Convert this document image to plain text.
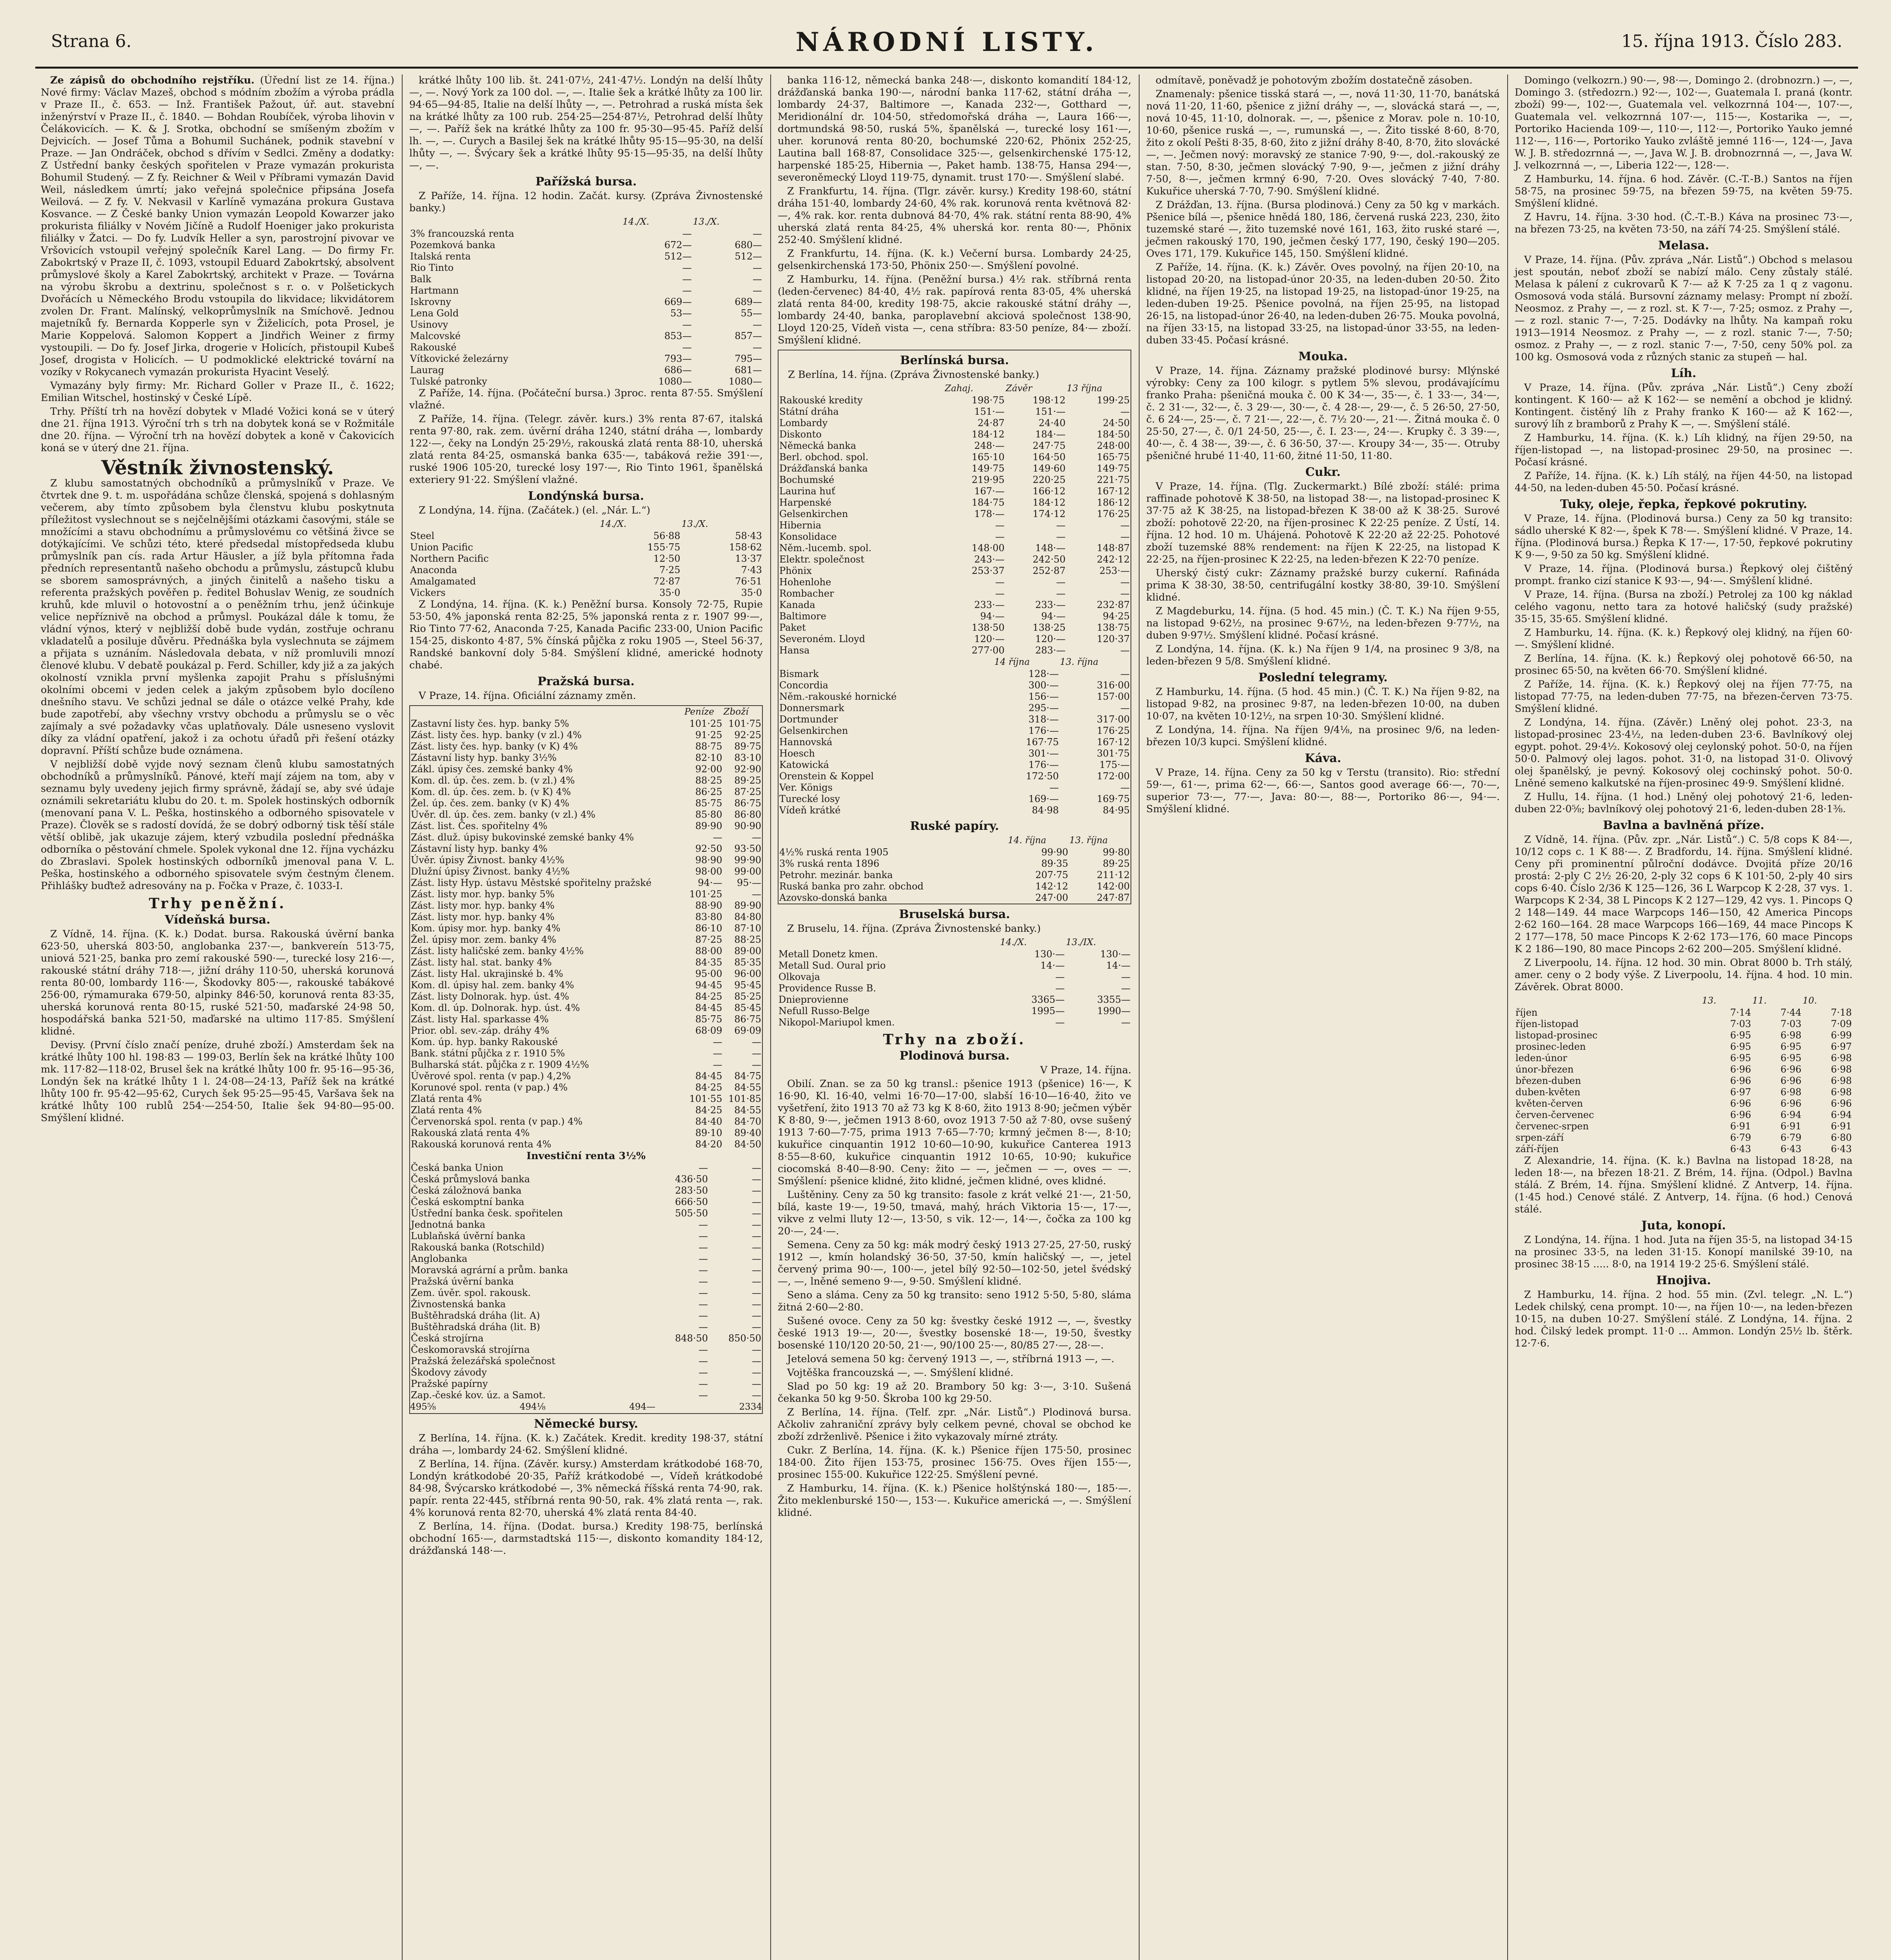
Strana 6.	NÁRODNÍ LISTY.	15. října 1913. Číslo 283.

Ze zápisů do obchodního rejstříku. (Úřední list ze 14. října.) Nové firmy: Václav Mazeš, obchod s módním zbožím a výroba prádla v Praze II., č. 653. — Inž. František Pažout, úř. aut. stavební inženýrství v Praze II., č. 1840. — Bohdan Roubíček, výroba lihovin v Čelákovicích. — K. & J. Srotka, obchodní se smíšeným zbožím v Dejvicích. — Josef Tůma a Bohumil Suchánek, podnik stavební v Praze. — Jan Ondráček, obchod s dřívím v Sedlci. Změny a dodatky: Z Ústřední banky českých spořitelen v Praze vymazán prokurista Bohumil Studený. — Z fy. Reichner & Weil v Příbrami vymazán David Weil, následkem úmrtí; jako veřejná společnice připsána Josefa Weilová. — Z fy. V. Nekvasil v Karlíně vymazána prokura Gustava Kosvance. — Z České banky Union vymazán Leopold Kowarzer jako prokurista filiálky v Novém Jičíně a Rudolf Hoeniger jako prokurista filiálky v Žatci. — Do fy. Ludvík Heller a syn, parostrojní pivovar ve Vršovicích vstoupil veřejný společník Karel Lang. — Do firmy Fr. Zabokrtský v Praze II, č. 1093, vstoupil Eduard Zabokrtský, absolvent průmyslové školy a Karel Zabokrtský, architekt v Praze. — Továrna na výrobu škrobu a dextrinu, společnost s r. o. v Polšetickych Dvořácích u Německého Brodu vstoupila do likvidace; likvidátorem zvolen Dr. Frant. Malínský, velkoprůmyslník na Smíchově. Jednou majetníků fy. Bernarda Kopperle syn v Žiželicích, pota Prosel, je Marie Koppelová. Salomon Koppert a Jindřich Weiner z firmy vystoupili. — Do fy. Josef Jirka, drogerie v Holicích, přistoupil Kubeš Josef, drogista v Holicích. — U podmoklické elektrické tovární na vozíky v Rokycanech vymazán prokurista Hyacint Veselý.

Vymazány byly firmy: Mr. Richard Goller v Praze II., č. 1622; Emilian Witschel, hostinský v České Lípě.

Trhy. Příští trh na hovězí dobytek v Mladé Vožici koná se v úterý dne 21. října 1913. Výroční trh s trh na dobytek koná se v Rožmitále dne 20. října. — Výroční trh na hovězí dobytek a koně v Čakovicích koná se v úterý dne 21. října.

Věstník živnostenský.

Z klubu samostatných obchodníků a průmyslníků v Praze. Ve čtvrtek dne 9. t. m. uspořádána schůze členská, spojená s dohlasným večerem, aby tímto způsobem byla členstvu klubu poskytnuta příležitost vyslechnout se s nejčelnějšími otázkami časovými, stále se množícími a stavu obchodnímu a průmyslovému co většiná živce se dotýkajícími. Ve schůzi této, které předsedal místopředseda klubu průmyslník pan cís. rada Artur Häusler, a jíž byla přítomna řada předních representantů našeho obchodu a průmyslu, zástupců klubu se sborem samosprávných, a jiných činitelů a našeho tisku a referenta pražských pověřen p. ředitel Bohuslav Wenig, ze soudních kruhů, kde mluvil o hotovostní a o peněžním trhu, jenž účinkuje velice nepříznivě na obchod a průmysl. Poukázal dále k tomu, že vládní výnos, který v nejbližší době bude vydán, zostřuje ochranu vkladatelů a posiluje důvěru. Přednáška byla vyslechnuta se zájmem a přijata s uznáním. Následovala debata, v níž promluvili mnozí členové klubu. V debatě poukázal p. Ferd. Schiller, kdy již a za jakých okolností vznikla první myšlenka zapojit Prahu s příslušnými okolními obcemi v jeden celek a jakým způsobem bylo docíleno dnešního stavu. Ve schůzi jednal se dále o otázce velké Prahy, kde bude zapotřebí, aby všechny vrstvy obchodu a průmyslu se o věc zajímaly a své požadavky včas uplatňovaly. Dále usneseno vyslovit díky za vládní opatření, jakož i za ochotu úřadů při řešení otázky dopravní. Příští schůze bude oznámena.

V nejbližší době vyjde nový seznam členů klubu samostatných obchodníků a průmyslníků. Pánové, kteří mají zájem na tom, aby v seznamu byly uvedeny jejich firmy správně, žádají se, aby své údaje oznámili sekretariátu klubu do 20. t. m. Spolek hostinských odborník (menovaní pana V. L. Peška, hostinského a odborného spisovatele v Praze). Člověk se s radostí dovídá, že se dobrý odborný tisk těší stále větší oblibě, jak ukazuje zájem, který vzbudila poslední přednáška odborníka o pěstování chmele. Spolek vykonal dne 12. října vycházku do Zbraslavi. Spolek hostinských odborníků jmenoval pana V. L. Peška, hostinského a odborného spisovatele svým čestným členem. Přihlášky buďtež adresovány na p. Fočka v Praze, č. 1033-I.

Trhy peněžní.
Vídeňská bursa.

Z Vídně, 14. října. (K. k.) Dodat. bursa. Rakouská úvěrní banka 623·50, uherská 803·50, anglobanka 237·—, bankvereín 513·75, uniová 521·25, banka pro zemí rakouské 590·—, turecké losy 216·—, rakouské státní dráhy 718·—, jižní dráhy 110·50, uherská korunová renta 80·00, lombardy 116·—, Škodovky 805·—, rakouské tabákové 256·00, rýmamuraka 679·50, alpinky 846·50, korunová renta 83·35, uherská korunová renta 80·15, ruské 521·50, maďarské 24·98 50, hospodářská banka 521·50, maďarské na ultimo 117·85. Smýšlení klidné.

Devisy. (První číslo značí peníze, druhé zboží.) Amsterdam šek na krátké lhůty 100 hl. 198·83 — 199·03, Berlín šek na krátké lhůty 100 mk. 117·82—118·02, Brusel šek na krátké lhůty 100 fr. 95·16—95·36, Londýn šek na krátké lhůty 1 l. 24·08—24·13, Paříž šek na krátké lhůty 100 fr. 95·42—95·62, Curych šek 95·25—95·45, Varšava šek na krátké lhůty 100 rublů 254·—254·50, Italie šek 94·80—95·00. Smýšlení klidné.

krátké lhůty 100 lib. št. 241·07½, 241·47½. Londýn na delší lhůty —, —. Nový York za 100 dol. —, —. Italie šek a krátké lhůty za 100 lir. 94·65—94·85, Italie na delší lhůty —, —. Petrohrad a ruská místa šek na krátké lhůty za 100 rub. 254·25—254·87½, Petrohrad delší lhůty —, —. Paříž šek na krátké lhůty za 100 fr. 95·30—95·45. Paříž delší lh. —, —. Curych a Basilej šek na krátké lhůty 95·15—95·30, na delší lhůty —, —. Švýcary šek a krátké lhůty 95·15—95·35, na delší lhůty —, —.

Pařížská bursa.

Z Paříže, 14. října. 12 hodin. Začát. kursy. (Zpráva Živnostenské banky.)

	14./X.	13./X.
3% francouzská renta	—	—
Pozemková banka	672—	680—
Italská renta	512—	512—
Rio Tinto	—	—
Balk	—	—
Hartmann	—	—
Iskrovny	669—	689—
Lena Gold	53—	55—
Usinovy	—	—
Malcovské	853—	857—
Rakouské	—	—
Vítkovické železárny	793—	795—
Laurag	686—	681—
Tulské patronky	1080—	1080—

Z Paříže, 14. října. (Počáteční bursa.) 3proc. renta 87·55. Smýšlení vlažné.

Z Paříže, 14. října. (Telegr. závěr. kurs.) 3% renta 87·67, italská renta 97·80, rak. zem. úvěrní dráha 1240, státní dráha —, lombardy 122·—, čeky na Londýn 25·29½, rakouská zlatá renta 88·10, uherská zlatá renta 84·25, osmanská banka 635·—, tabáková režie 391·—, ruské 1906 105·20, turecké losy 197·—, Rio Tinto 1961, španělská exteriery 91·22. Smýšlení vlažné.

Londýnská bursa.

Z Londýna, 14. října. (Začátek.) (el. „Nár. L.“)

	14./X.	13./X.
Steel	56·88	58·43
Union Pacific	155·75	158·62
Northern Pacific	12·50	13·37
Anaconda	7·25	7·43
Amalgamated	72·87	76·51
Vickers	35·0	35·0

Z Londýna, 14. října. (K. k.) Peněžní bursa. Konsoly 72·75, Rupie 53·50, 4% japonská renta 82·25, 5% japonská renta z r. 1907 99·—, Rio Tinto 77·62, Anaconda 7·25, Kanada Pacific 233·00, Union Pacific 154·25, diskonto 4·87, 5% čínská půjčka z roku 1905 —, Steel 56·37, Randské bankovní doly 5·84. Smýšlení klidné, americké hodnoty chabé.

Pražská bursa.

V Praze, 14. října. Oficiální záznamy změn.

	Peníze	Zboží
Zastavní listy čes. hyp. banky 5%	101·25	101·75
Zást. listy čes. hyp. banky (v zl.) 4%	91·25	92·25
Zást. listy čes. hyp. banky (v K) 4%	88·75	89·75
Zástavní listy hyp. banky 3½%	82·10	83·10
Zákl. úpisy čes. zemské banky 4%	92·00	92·90
Kom. dl. úp. čes. zem. b. (v zl.) 4%	88·25	89·25
Kom. dl. úp. čes. zem. b. (v K) 4%	86·25	87·25
Žel. úp. čes. zem. banky (v K) 4%	85·75	86·75
Úvěr. dl. úp. čes. zem. banky (v zl.) 4%	85·80	86·80
Zást. list. Čes. spořitelny 4%	89·90	90·90
Zást. dluž. úpisy bukovinské zemské banky 4%	—	—
Zástavní listy hyp. banky 4%	92·50	93·50
Úvěr. úpisy Živnost. banky 4½%	98·90	99·90
Dlužní úpisy Živnost. banky 4½%	98·00	99·00
Zást. listy Hyp. ústavu Městské spořitelny pražské	94·—	95·—
Zást. listy mor. hyp. banky 5%	101·25	—
Zást. listy mor. hyp. banky 4%	88·90	89·90
Zást. listy mor. hyp. banky 4%	83·80	84·80
Kom. úpisy mor. hyp. banky 4%	86·10	87·10
Žel. úpisy mor. zem. banky 4%	87·25	88·25
Zást. listy haličské zem. banky 4½%	88·00	89·00
Zást. listy hal. stat. banky 4%	84·35	85·35
Zást. listy Hal. ukrajinské b. 4%	95·00	96·00
Kom. dl. úpisy hal. zem. banky 4%	94·45	95·45
Zást. listy Dolnorak. hyp. úst. 4%	84·25	85·25
Kom. dl. úp. Dolnorak. hyp. úst. 4%	84·45	85·45
Zást. listy Hal. sparkasse 4%	85·75	86·75
Prior. obl. sev.-záp. dráhy 4%	68·09	69·09
Kom. úp. hyp. banky Rakouské	—	—
Bank. státní půjčka z r. 1910 5%	—	—
Bulharská stát. půjčka z r. 1909 4½%	—	—
Úvěrové spol. renta (v pap.) 4,2%	84·45	84·75
Korunové spol. renta (v pap.) 4%	84·25	84·55
Zlatá renta 4%	101·55	101·85
Zlatá renta 4%	84·25	84·55
Červenorská spol. renta (v pap.) 4%	84·40	84·70
Rakouská zlatá renta 4%	89·10	89·40
Rakouská korunová renta 4%	84·20	84·50
Investiční renta 3½%
Česká banka Union	—	—
Česká průmyslová banka	436·50	—
Česká záložnová banka	283·50	—
Česká eskomptní banka	666·50	—
Ústřední banka česk. spořitelen	505·50	—
Jednotná banka	—	—
Lublaňská úvěrní banka	—	—
Rakouská banka (Rotschild)	—	—
Anglobanka	—	—
Moravská agrární a prům. banka	—	—
Pražská úvěrní banka	—	—
Zem. úvěr. spol. rakousk.	—	—
Živnostenská banka	—	—
Buštěhradská dráha (lit. A)	—	—
Buštěhradská dráha (lit. B)	—	—
Česká strojírna	848·50	850·50
Českomoravská strojírna	—	—
Pražská železářská společnost	—	—
Škodovy závody	—	—
Pražské papírny	—	—
Zap.-české kov. úz. a Samot.	—	—
495⅝	494⅛	494—	2334
Německé bursy.

Z Berlína, 14. října. (K. k.) Začátek. Kredit. kredity 198·37, státní dráha —, lombardy 24·62. Smýšlení klidné.

Z Berlína, 14. října. (Závěr. kursy.) Amsterdam krátkodobé 168·70, Londýn krátkodobé 20·35, Paříž krátkodobé —, Vídeň krátkodobé 84·98, Švýcarsko krátkodobé —, 3% německá říšská renta 74·90, rak. papír. renta 22·445, stříbrná renta 90·50, rak. 4% zlatá renta —, rak. 4% korunová renta 82·70, uherská 4% zlatá renta 84·40.

Z Berlína, 14. října. (Dodat. bursa.) Kredity 198·75, berlínská obchodní 165·—, darmstadtská 115·—, diskonto komandity 184·12, drážďanská 148·—.

banka 116·12, německá banka 248·—, diskonto komandití 184·12, drážďanská banka 190·—, národní banka 117·62, státní dráha —, lombardy 24·37, Baltimore —, Kanada 232·—, Gotthard —, Meridionální dr. 104·50, středomořská dráha —, Laura 166·—, dortmundská 98·50, ruská 5%, španělská —, turecké losy 161·—, uher. korunová renta 80·20, bochumské 220·62, Phönix 252·25, Lautina ball 168·87, Consolidace 325·—, gelsenkirchenské 175·12, harpenské 185·25, Hibernia —, Paket hamb. 138·75, Hansa 294·—, severoněmecký Lloyd 119·75, dynamit. trust 170·—. Smýšlení slabé.

Z Frankfurtu, 14. října. (Tlgr. závěr. kursy.) Kredity 198·60, státní dráha 151·40, lombardy 24·60, 4% rak. korunová renta květnová 82·—, 4% rak. kor. renta dubnová 84·70, 4% rak. státní renta 88·90, 4% uherská zlatá renta 84·25, 4% uherská kor. renta 80·—, Phönix 252·40. Smýšlení klidné.

Z Frankfurtu, 14. října. (K. k.) Večerní bursa. Lombardy 24·25, gelsenkirchenská 173·50, Phönix 250·—. Smýšlení povolné.

Z Hamburku, 14. října. (Peněžní bursa.) 4½ rak. stříbrná renta (leden-červenec) 84·40, 4½ rak. papírová renta 83·05, 4% uherská zlatá renta 84·00, kredity 198·75, akcie rakouské státní dráhy —, lombardy 24·40, banka, paroplavební akciová společnost 138·90, Lloyd 120·25, Vídeň vista —, cena stříbra: 83·50 peníze, 84·— zboží. Smýšlení klidné.

Berlínská bursa.

Z Berlína, 14. října. (Zpráva Živnostenské banky.)

	Zahaj.	Závěr	13 října
Rakouské kredity	198·75	198·12	199·25
Státní dráha	151·—	151·—	—
Lombardy	24·87	24·40	24·50
Diskonto	184·12	184·—	184·50
Německá banka	248·—	247·75	248·00
Berl. obchod. spol.	165·10	164·50	165·75
Drážďanská banka	149·75	149·60	149·75
Bochumské	219·95	220·25	221·75
Laurina huť	167·—	166·12	167·12
Harpenské	184·75	184·12	186·12
Gelsenkirchen	178·—	174·12	176·25
Hibernia	—	—	—
Konsolidace	—	—	—
Něm.-lucemb. spol.	148·00	148·—	148·87
Elektr. společnost	243·—	242·50	242·12
Phönix	253·37	252·87	253·—
Hohenlohe	—	—	—
Rombacher	—	—	—
Kanada	233·—	233·—	232·87
Baltimore	94·—	94·—	94·25
Paket	138·50	138·25	138·75
Severoném. Lloyd	120·—	120·—	120·37
Hansa	277·00	283·—	—
	14 října	13. října
Bismark	128·—	—
Concordia	300·—	316·00
Něm.-rakouské hornické	156·—	157·00
Donnersmark	295·—	—
Dortmunder	318·—	317·00
Gelsenkirchen	176·—	176·25
Hannovská	167·75	167·12
Hoesch	301·—	301·75
Katowická	176·—	175·—
Orenstein & Koppel	172·50	172·00
Ver. Königs	—	—
Turecké losy	169·—	169·75
Vídeň krátké	84·98	84·95
Ruské papíry.
	14. října	13. října
4½% ruská renta 1905	99·90	99·80
3% ruská renta 1896	89·35	89·25
Petrohr. mezinár. banka	207·75	211·12
Ruská banka pro zahr. obchod	142·12	142·00
Azovsko-donská banka	247·00	247·87
Bruselská bursa.

Z Bruselu, 14. října. (Zpráva Živnostenské banky.)

	14./X.	13./IX.
Metall Donetz kmen.	130·—	130·—
Metall Sud. Oural prio	14·—	14·—
Olkovaja	—	—
Providence Russe B.	—	—
Dnieprovienne	3365—	3355—
Nefull Russo-Belge	1995—	1990—
Nikopol-Mariupol kmen.	—	—
Trhy na zboží.
Plodinová bursa.

V Praze, 14. října.

Obilí. Znan. se za 50 kg transl.: pšenice 1913 (pšenice) 16·—, K 16·90, Kl. 16·40, velmi 16·70—17·00, slabší 16·10—16·40, žito ve vyšetření, žito 1913 70 až 73 kg K 8·60, žito 1913 8·90; ječmen výběr K 8·80, 9·—, ječmen 1913 8·60, ovoz 1913 7·50 až 7·80, ovse sušený 1913 7·60—7·75, prima 1913 7·65—7·70; krmný ječmen 8·—, 8·10; kukuřice cinquantin 1912 10·60—10·90, kukuřice Canterea 1913 8·55—8·60, kukuřice cinquantin 1912 10·65, 10·90; kukuřice ciocomská 8·40—8·90. Ceny: žito — —, ječmen — —, oves — —. Smýšlení: pšenice klidné, žito klidné, ječmen klidné, oves klidné.

Luštěniny. Ceny za 50 kg transito: fasole z krát velké 21·—, 21·50, bílá, kaste 19·—, 19·50, tmavá, mahý, hrách Viktoria 15·—, 17·—, vikve z velmi lluty 12·—, 13·50, s vik. 12·—, 14·—, čočka za 100 kg 20·—, 24·—.

Semena. Ceny za 50 kg: mák modrý český 1913 27·25, 27·50, ruský 1912 —, kmín holandský 36·50, 37·50, kmín haličský —, —, jetel červený prima 90·—, 100·—, jetel bílý 92·50—102·50, jetel švédský —, —, lněné semeno 9·—, 9·50. Smýšlení klidné.

Seno a sláma. Ceny za 50 kg transito: seno 1912 5·50, 5·80, sláma žitná 2·60—2·80.

Sušené ovoce. Ceny za 50 kg: švestky české 1912 —, —, švestky české 1913 19·—, 20·—, švestky bosenské 18·—, 19·50, švestky bosenské 110/120 20·50, 21·—, 90/100 25·—, 80/85 27·—, 28·—.

Jetelová semena 50 kg: červený 1913 —, —, stříbrná 1913 —, —.

Vojtěška francouzská —, —. Smýšlení klidné.

Slad po 50 kg: 19 až 20. Brambory 50 kg: 3·—, 3·10. Sušená čekanka 50 kg 9·50. Škroba 100 kg 29·50.

Z Berlína, 14. října. (Telf. zpr. „Nár. Listů“.) Plodinová bursa. Ačkoliv zahraniční zprávy byly celkem pevné, choval se obchod ke zboží zdrženlivě. Pšenice i žito vykazovaly mírné ztráty.

Cukr. Z Berlína, 14. října. (K. k.) Pšenice říjen 175·50, prosinec 184·00. Žito říjen 153·75, prosinec 156·75. Oves říjen 155·—, prosinec 155·00. Kukuřice 122·25. Smýšlení pevné.

Z Hamburku, 14. října. (K. k.) Pšenice holštýnská 180·—, 185·—. Žito meklenburské 150·—, 153·—. Kukuřice americká —, —. Smýšlení klidné.

odmítavě, poněvadž je pohotovým zbožím dostatečně zásoben.

Znamenaly: pšenice tisská stará —, —, nová 11·30, 11·70, banátská nová 11·20, 11·60, pšenice z jižní dráhy —, —, slovácká stará —, —, nová 10·45, 11·10, dolnorak. —, —, pšenice z Morav. pole n. 10·10, 10·60, pšenice ruská —, —, rumunská —, —. Žito tisské 8·60, 8·70, žito z okolí Pešti 8·35, 8·60, žito z jižní dráhy 8·40, 8·70, žito slovácké —, —. Ječmen nový: moravský ze stanice 7·90, 9·—, dol.-rakouský ze stan. 7·50, 8·30, ječmen slovácký 7·90, 9·—, ječmen z jižní dráhy 7·50, 8·—, ječmen krmný 6·90, 7·20. Oves slovácký 7·40, 7·80. Kukuřice uherská 7·70, 7·90. Smýšlení klidné.

Z Drážďan, 13. října. (Bursa plodinová.) Ceny za 50 kg v markách. Pšenice bílá —, pšenice hnědá 180, 186, červená ruská 223, 230, žito tuzemské staré —, žito tuzemské nové 161, 163, žito ruské staré —, ječmen rakouský 170, 190, ječmen český 177, 190, český 190—205. Oves 171, 179. Kukuřice 145, 150. Smýšlení klidné.

Z Paříže, 14. října. (K. k.) Závěr. Oves povolný, na říjen 20·10, na listopad 20·20, na listopad-únor 20·35, na leden-duben 20·50. Žito klidné, na říjen 19·25, na listopad 19·25, na listopad-únor 19·25, na leden-duben 19·25. Pšenice povolná, na říjen 25·95, na listopad 26·15, na listopad-únor 26·40, na leden-duben 26·75. Mouka povolná, na říjen 33·15, na listopad 33·25, na listopad-únor 33·55, na leden-duben 33·45. Počasí krásné.

Mouka.

V Praze, 14. října. Záznamy pražské plodinové bursy: Mlýnské výrobky: Ceny za 100 kilogr. s pytlem 5% slevou, prodávajícímu franko Praha: pšeničná mouka č. 00 K 34·—, 35·—, č. 1 33·—, 34·—, č. 2 31·—, 32·—, č. 3 29·—, 30·—, č. 4 28·—, 29·—, č. 5 26·50, 27·50, č. 6 24·—, 25·—, č. 7 21·—, 22·—, č. 7½ 20·—, 21·—. Žitná mouka č. 0 25·50, 27·—, č. 0/1 24·50, 25·—, č. I. 23·—, 24·—. Krupky č. 3 39·—, 40·—, č. 4 38·—, 39·—, č. 6 36·50, 37·—. Kroupy 34·—, 35·—. Otruby pšeničné hrubé 11·40, 11·60, žitné 11·50, 11·80.

Cukr.

V Praze, 14. října. (Tlg. Zuckermarkt.) Bílé zboží: stálé: prima raffinade pohotově K 38·50, na listopad 38·—, na listopad-prosinec K 37·75 až K 38·25, na listopad-březen K 38·00 až K 38·25. Surové zboží: pohotově 22·20, na říjen-prosinec K 22·25 peníze. Z Ústí, 14. října. 12 hod. 10 m. Uhájená. Pohotově K 22·20 až 22·25. Pohotové zboží tuzemské 88% rendement: na říjen K 22·25, na listopad K 22·25, na říjen-prosinec K 22·25, na leden-březen K 22·70 peníze.

Uherský čistý cukr: Záznamy pražské burzy cukerní. Rafináda prima K 38·30, 38·50, centrifugální kostky 38·80, 39·10. Smýšlení klidné.

Z Magdeburku, 14. října. (5 hod. 45 min.) (Č. T. K.) Na říjen 9·55, na listopad 9·62½, na prosinec 9·67½, na leden-březen 9·77½, na duben 9·97½. Smýšlení klidné. Počasí krásné.

Z Londýna, 14. října. (K. k.) Na říjen 9 1/4, na prosinec 9 3/8, na leden-březen 9 5/8. Smýšlení klidné.

Poslední telegramy.

Z Hamburku, 14. října. (5 hod. 45 min.) (Č. T. K.) Na říjen 9·82, na listopad 9·82, na prosinec 9·87, na leden-březen 10·00, na duben 10·07, na květen 10·12½, na srpen 10·30. Smýšlení klidné.

Z Londýna, 14. října. Na říjen 9/4⅛, na prosinec 9/6, na leden-březen 10/3 kupci. Smýšlení klidné.

Káva.

V Praze, 14. října. Ceny za 50 kg v Terstu (transito). Rio: střední 59·—, 61·—, prima 62·—, 66·—, Santos good average 66·—, 70·—, superior 73·—, 77·—, Java: 80·—, 88·—, Portoriko 86·—, 94·—. Smýšlení klidné.

Domingo (velkozrn.) 90·—, 98·—, Domingo 2. (drobnozrn.) —, —, Domingo 3. (středozrn.) 92·—, 102·—, Guatemala I. praná (kontr. zboží) 99·—, 102·—, Guatemala vel. velkozrnná 104·—, 107·—, Guatemala vel. velkozrnná 107·—, 115·—, Kostarika —, —, Portoriko Hacienda 109·—, 110·—, 112·—, Portoriko Yauko jemné 112·—, 116·—, Portoriko Yauko zvláště jemné 116·—, 124·—, Java W. J. B. středozrnná —, —, Java W. J. B. drobnozrnná —, —, Java W. J. velkozrnná —, —, Liberia 122·—, 128·—.

Z Hamburku, 14. října. 6 hod. Závěr. (C.-T.-B.) Santos na říjen 58·75, na prosinec 59·75, na březen 59·75, na květen 59·75. Smýšlení klidné.

Z Havru, 14. října. 3·30 hod. (Č.-T.-B.) Káva na prosinec 73·—, na březen 73·25, na květen 73·50, na září 74·25. Smýšlení stálé.

Melasa.

V Praze, 14. října. (Pův. zpráva „Nár. Listů“.) Obchod s melasou jest spoután, neboť zboží se nabízí málo. Ceny zůstaly stálé. Melasa k pálení z cukrovarů K 7·— až K 7·25 za 1 q z vagonu. Osmosová voda stálá. Bursovní záznamy melasy: Prompt ní zboží. Neosmoz. z Prahy —, — z rozl. st. K 7·—, 7·25; osmoz. z Prahy —, — z rozl. stanic 7·—, 7·25. Dodávky na lhůty. Na kampaň roku 1913—1914 Neosmoz. z Prahy —, — z rozl. stanic 7·—, 7·50; osmoz. z Prahy —, — z rozl. stanic 7·—, 7·50, ceny 50% pol. za 100 kg. Osmosová voda z různých stanic za stupeň — hal.

Líh.

V Praze, 14. října. (Pův. zpráva „Nár. Listů“.) Ceny zboží kontingent. K 160·— až K 162·— se nemění a obchod je klidný. Kontingent. čistěný líh z Prahy franko K 160·— až K 162·—, surový líh z bramborů z Prahy K —, —. Smýšlení stálé.

Z Hamburku, 14. října. (K. k.) Líh klidný, na říjen 29·50, na říjen-listopad —, na listopad-prosinec 29·50, na prosinec —. Počasí krásné.

Z Paříže, 14. října. (K. k.) Líh stálý, na říjen 44·50, na listopad 44·50, na leden-duben 45·50. Počasí krásné.

Tuky, oleje, řepka, řepkové pokrutiny.

V Praze, 14. října. (Plodinová bursa.) Ceny za 50 kg transito: sádlo uherské K 82·—, špek K 78·—. Smýšlení klidné. V Praze, 14. října. (Plodinová bursa.) Řepka K 17·—, 17·50, řepkové pokrutiny K 9·—, 9·50 za 50 kg. Smýšlení klidné.

V Praze, 14. října. (Plodinová bursa.) Řepkový olej čištěný prompt. franko cizí stanice K 93·—, 94·—. Smýšlení klidné.

V Praze, 14. října. (Bursa na zboží.) Petrolej za 100 kg náklad celého vagonu, netto tara za hotové haličský (sudy pražské) 35·15, 35·65. Smýšlení klidné.

Z Hamburku, 14. října. (K. k.) Řepkový olej klidný, na říjen 60·—. Smýšlení klidné.

Z Berlína, 14. října. (K. k.) Řepkový olej pohotově 66·50, na prosinec 65·50, na květen 66·70. Smýšlení klidné.

Z Paříže, 14. října. (K. k.) Řepkový olej na říjen 77·75, na listopad 77·75, na leden-duben 77·75, na březen-červen 73·75. Smýšlení klidné.

Z Londýna, 14. října. (Závěr.) Lněný olej pohot. 23·3, na listopad-prosinec 23·4½, na leden-duben 23·6. Bavlníkový olej egypt. pohot. 29·4½. Kokosový olej ceylonský pohot. 50·0, na říjen 50·0. Palmový olej lagos. pohot. 31·0, na listopad 31·0. Olivový olej španělský, je pevný. Kokosový olej cochinský pohot. 50·0. Lněné semeno kalkutské na říjen-prosinec 49·9. Smýšlení klidné.

Z Hullu, 14. října. (1 hod.) Lněný olej pohotový 21·6, leden-duben 22·0⅝; bavlníkový olej pohotový 21·6, leden-duben 28·1⅜.

Bavlna a bavlněná příze.

Z Vídně, 14. října. (Pův. zpr. „Nár. Listů“.) C. 5/8 cops K 84·—, 10/12 cops c. 1 K 88·—. Z Bradfordu, 14. října. Smýšlení klidné. Ceny při prominentní půlroční dodávce. Dvojitá příze 20/16 prostá: 2-ply C 2½ 26·20, 2-ply 32 cops 6 K 101·50, 2-ply 40 sirs cops 6·40. Číslo 2/36 K 125—126, 36 L Warpcop K 2·28, 37 vys. 1. Warpcops K 2·34, 38 L Pincops K 2 127—129, 42 vys. 1. Pincops Q 2 148—149. 44 mace Warpcops 146—150, 42 America Pincops 2·62 160—164. 28 mace Warpcops 166—169, 44 mace Pincops K 2 177—178, 50 mace Pincops K 2·62 173—176, 60 mace Pincops K 2 186—190, 80 mace Pincops 2·62 200—205. Smýšlení klidné.

Z Liverpoolu, 14. října. 12 hod. 30 min. Obrat 8000 b. Trh stálý, amer. ceny o 2 body výše. Z Liverpoolu, 14. října. 4 hod. 10 min. Závěrek. Obrat 8000.

	13.	11.	10.
říjen	7·14	7·44	7·18
říjen-listopad	7·03	7·03	7·09
listopad-prosinec	6·95	6·98	6·99
prosinec-leden	6·95	6·95	6·97
leden-únor	6·95	6·95	6·98
únor-březen	6·96	6·96	6·98
březen-duben	6·96	6·96	6·98
duben-květen	6·97	6·98	6·98
květen-červen	6·96	6·96	6·96
červen-červenec	6·96	6·94	6·94
červenec-srpen	6·91	6·91	6·91
srpen-září	6·79	6·79	6·80
září-říjen	6·43	6·43	6·43

Z Alexandrie, 14. října. (K. k.) Bavlna na listopad 18·28, na leden 18·—, na březen 18·21. Z Brém, 14. října. (Odpol.) Bavlna stálá. Z Brém, 14. října. Smýšlení klidné. Z Antverp, 14. října. (1·45 hod.) Cenové stálé. Z Antverp, 14. října. (6 hod.) Cenová stálé.

Juta, konopí.

Z Londýna, 14. října. 1 hod. Juta na říjen 35·5, na listopad 34·15 na prosinec 33·5, na leden 31·15. Konopí manilské 39·10, na prosinec 38·15 ..... 8·0, na 1914 19·2 25·6. Smýšlení stálé.

Hnojiva.

Z Hamburku, 14. října. 2 hod. 55 min. (Zvl. telegr. „N. L.“) Ledek chilský, cena prompt. 10·—, na říjen 10·—, na leden-březen 10·15, na duben 10·27. Smýšlení stálé. Z Londýna, 14. října. 2 hod. Čilský ledek prompt. 11·0 ... Ammon. Londýn 25½ lb. štěrk. 12·7·6.
